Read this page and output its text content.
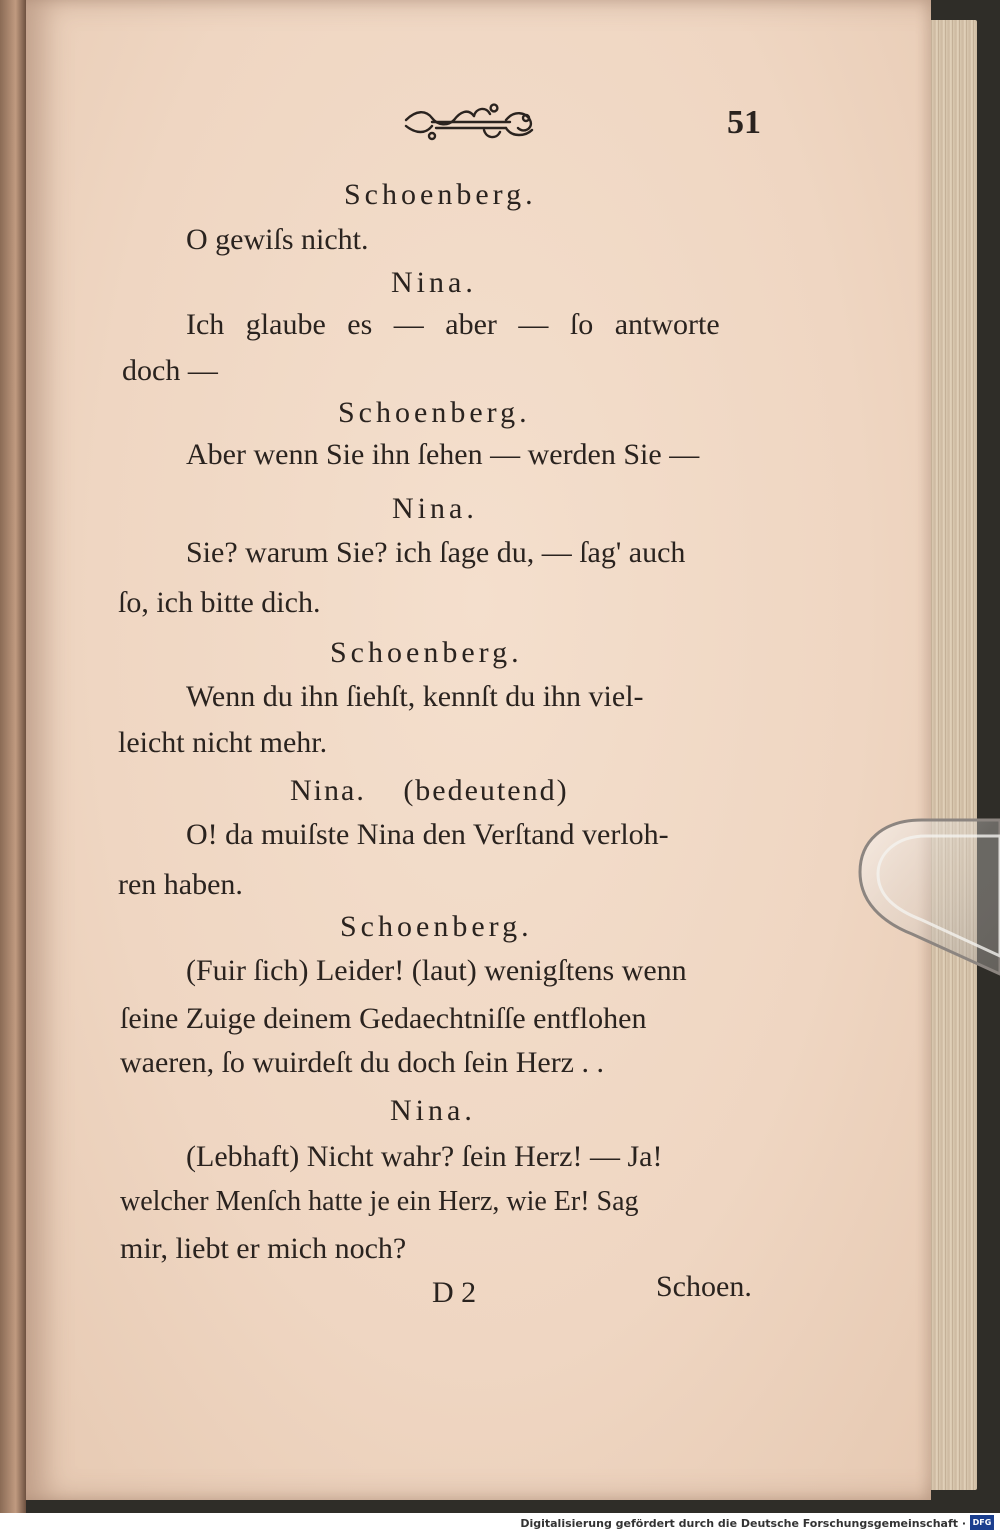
51
Schoenberg.
O gewiſs nicht.
Nina.
Ich glaube es — aber — ſo antworte
doch —
Schoenberg.
Aber wenn Sie ihn ſehen — werden Sie —
Nina.
Sie? warum Sie? ich ſage du, — ſag' auch
ſo, ich bitte dich.
Schoenberg.
Wenn du ihn ſiehſt, kennſt du ihn viel-
leicht nicht mehr.
Nina. (bedeutend)
O! da muiſste Nina den Verſtand verloh-
ren haben.
Schoenberg.
(Fuir ſich) Leider! (laut) wenigſtens wenn
ſeine Zuige deinem Gedaechtniſſe entflohen
waeren, ſo wuirdeſt du doch ſein Herz . .
Nina.
(Lebhaft) Nicht wahr? ſein Herz! — Ja!
welcher Menſch hatte je ein Herz, wie Er! Sag
mir, liebt er mich noch?
D 2	Schoen.
Digitalisierung gefördert durch die Deutsche Forschungsgemeinschaft · DFG
